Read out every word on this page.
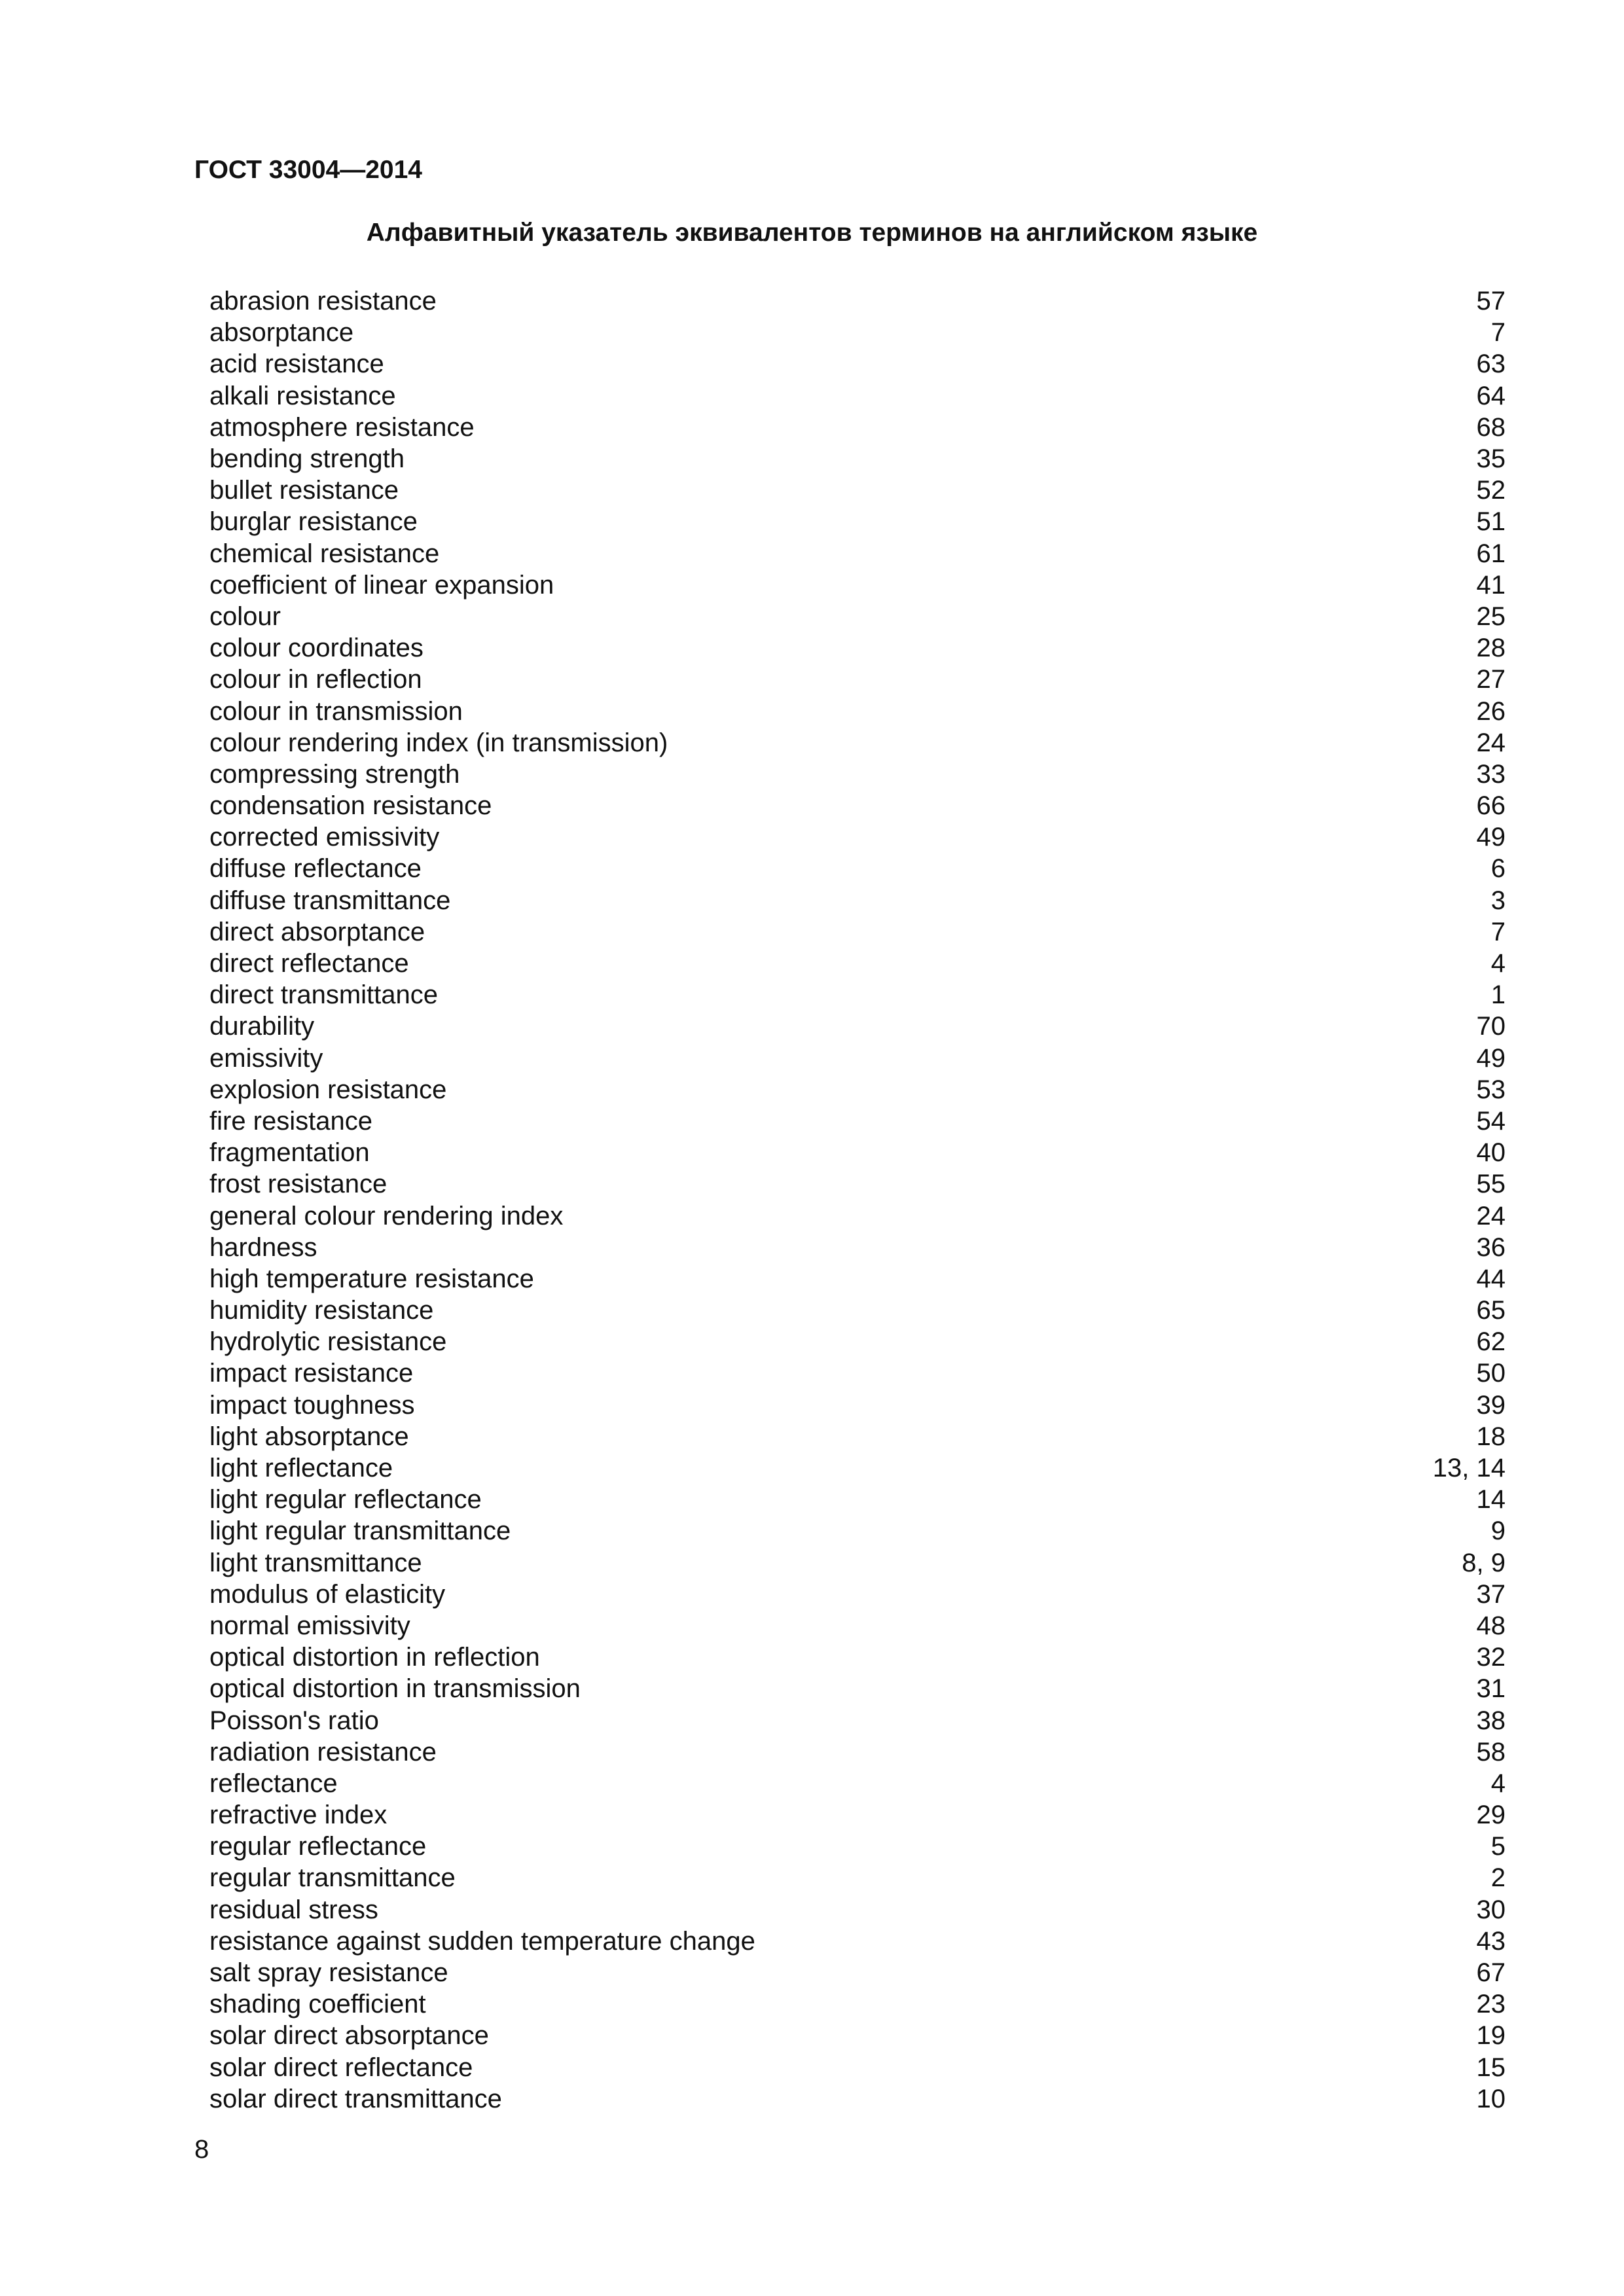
ГОСТ 33004—2014
Алфавитный указатель эквивалентов терминов на английском языке
abrasion resistance	57
absorptance	7
acid resistance	63
alkali resistance	64
atmosphere resistance	68
bending strength	35
bullet resistance	52
burglar resistance	51
chemical resistance	61
coefficient of linear expansion	41
colour	25
colour coordinates	28
colour in reflection	27
colour in transmission	26
colour rendering index (in transmission)	24
compressing strength	33
condensation resistance	66
corrected emissivity	49
diffuse reflectance	6
diffuse transmittance	3
direct absorptance	7
direct reflectance	4
direct transmittance	1
durability	70
emissivity	49
explosion resistance	53
fire resistance	54
fragmentation	40
frost resistance	55
general colour rendering index	24
hardness	36
high temperature resistance	44
humidity resistance	65
hydrolytic resistance	62
impact resistance	50
impact toughness	39
light absorptance	18
light reflectance	13, 14
light regular reflectance	14
light regular transmittance	9
light transmittance	8, 9
modulus of elasticity	37
normal emissivity	48
optical distortion in reflection	32
optical distortion in transmission	31
Poisson's ratio	38
radiation resistance	58
reflectance	4
refractive index	29
regular reflectance	5
regular transmittance	2
residual stress	30
resistance against sudden temperature change	43
salt spray resistance	67
shading coefficient	23
solar direct absorptance	19
solar direct reflectance	15
solar direct transmittance	10
8
